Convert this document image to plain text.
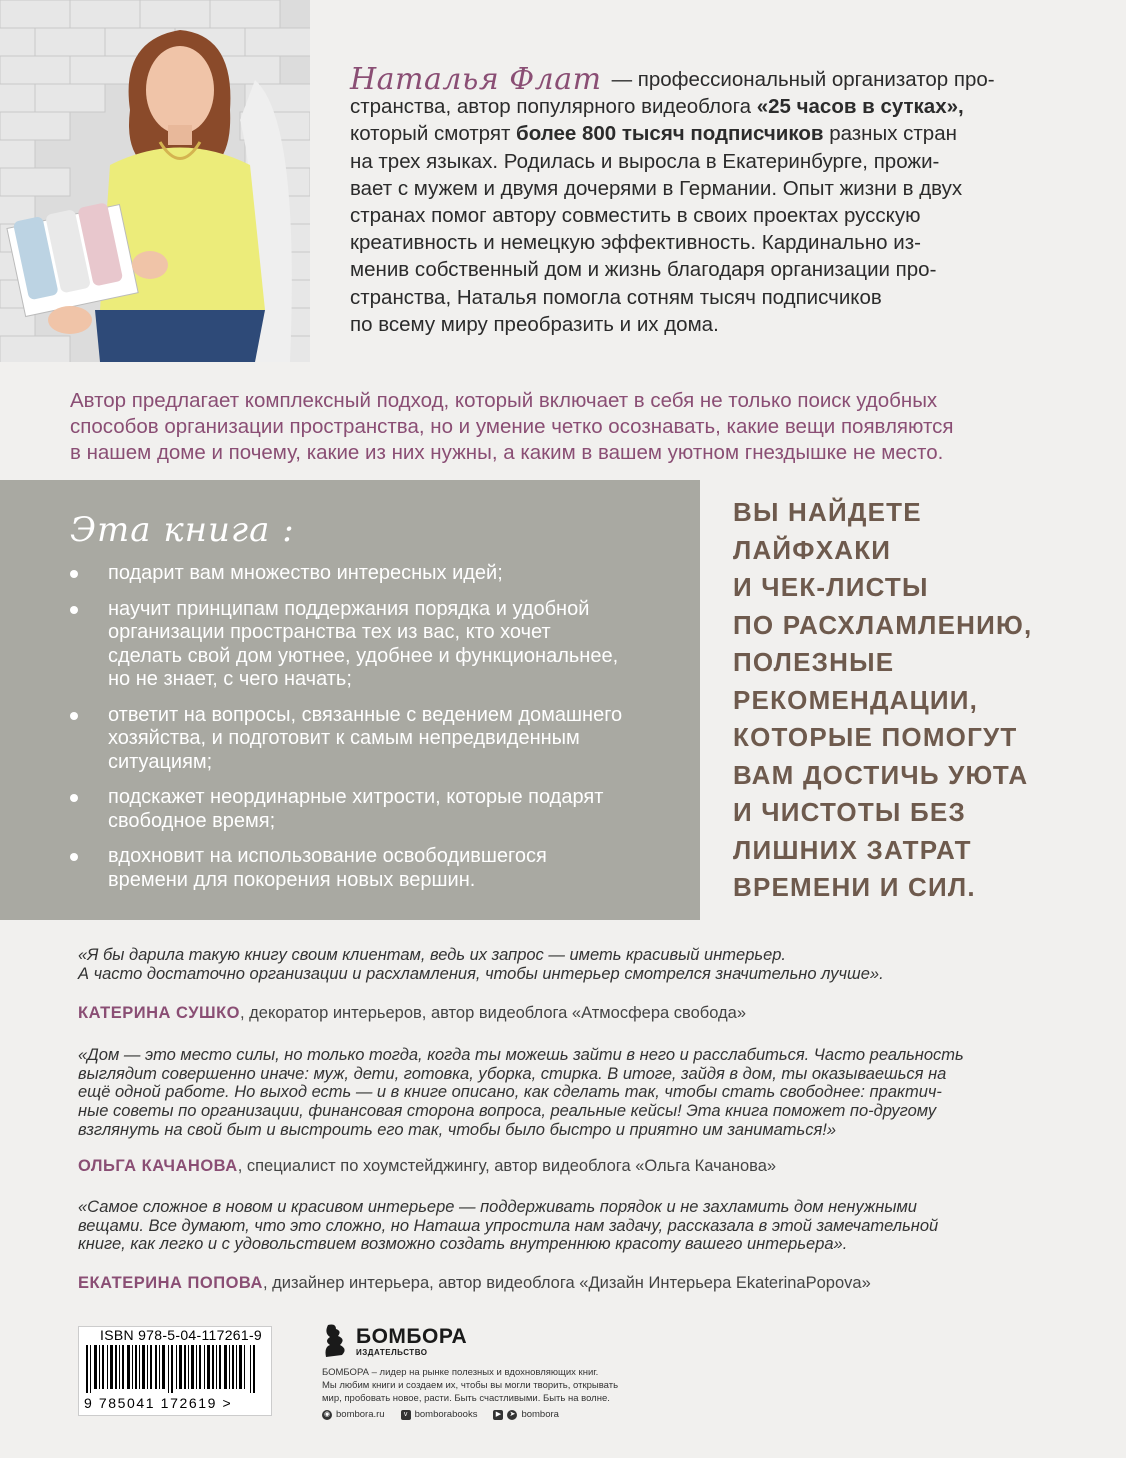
Наталья Флат — профессиональный организатор про-
странства, автор популярного видеоблога «25 часов в сутках»,
который смотрят более 800 тысяч подписчиков разных стран
на трех языках. Родилась и выросла в Екатеринбурге, прожи-
вает с мужем и двумя дочерями в Германии. Опыт жизни в двух
странах помог автору совместить в своих проектах русскую
креативность и немецкую эффективность. Кардинально из-
менив собственный дом и жизнь благодаря организации про-
странства, Наталья помогла сотням тысяч подписчиков
по всему миру преобразить и их дома.
Автор предлагает комплексный подход, который включает в себя не только поиск удобных
способов организации пространства, но и умение четко осознавать, какие вещи появляются
в нашем доме и почему, какие из них нужны, а каким в вашем уютном гнездышке не место.
Эта книга :
подарит вам множество интересных идей;
научит принципам поддержания порядка и удобной
организации пространства тех из вас, кто хочет
сделать свой дом уютнее, удобнее и функциональнее,
но не знает, с чего начать;
ответит на вопросы, связанные с ведением домашнего
хозяйства, и подготовит к самым непредвиденным
ситуациям;
подскажет неординарные хитрости, которые подарят
свободное время;
вдохновит на использование освободившегося
времени для покорения новых вершин.
ВЫ НАЙДЕТЕ
ЛАЙФХАКИ
И ЧЕК-ЛИСТЫ
ПО РАСХЛАМЛЕНИЮ,
ПОЛЕЗНЫЕ
РЕКОМЕНДАЦИИ,
КОТОРЫЕ ПОМОГУТ
ВАМ ДОСТИЧЬ УЮТА
И ЧИСТОТЫ БЕЗ
ЛИШНИХ ЗАТРАТ
ВРЕМЕНИ И СИЛ.
«Я бы дарила такую книгу своим клиентам, ведь их запрос — иметь красивый интерьер.
А часто достаточно организации и расхламления, чтобы интерьер смотрелся значительно лучше».
КАТЕРИНА СУШКО, декоратор интерьеров, автор видеоблога «Атмосфера свобода»
«Дом — это место силы, но только тогда, когда ты можешь зайти в него и расслабиться. Часто реальность
выглядит совершенно иначе: муж, дети, готовка, уборка, стирка. В итоге, зайдя в дом, ты оказываешься на
ещё одной работе. Но выход есть — и в книге описано, как сделать так, чтобы стать свободнее: практич-
ные советы по организации, финансовая сторона вопроса, реальные кейсы! Эта книга поможет по-другому
взглянуть на свой быт и выстроить его так, чтобы было быстро и приятно им заниматься!»
ОЛЬГА КАЧАНОВА, специалист по хоумстейджингу, автор видеоблога «Ольга Качанова»
«Самое сложное в новом и красивом интерьере — поддерживать порядок и не захламить дом ненужными
вещами. Все думают, что это сложно, но Наташа упростила нам задачу, рассказала в этой замечательной
книге, как легко и с удовольствием возможно создать внутреннюю красоту вашего интерьера».
ЕКАТЕРИНА ПОПОВА, дизайнер интерьера, автор видеоблога «Дизайн Интерьера EkaterinaPopova»
ISBN 978-5-04-117261-9
9 785041 172619 >
БОМБОРА
ИЗДАТЕЛЬСТВО
БОМБОРА – лидер на рынке полезных и вдохновляющих книг.
Мы любим книги и создаем их, чтобы вы могли творить, открывать
мир, пробовать новое, расти. Быть счастливыми. Быть на волне.
◉ bombora.ru	v bomborabooks	▶	➤ bombora
